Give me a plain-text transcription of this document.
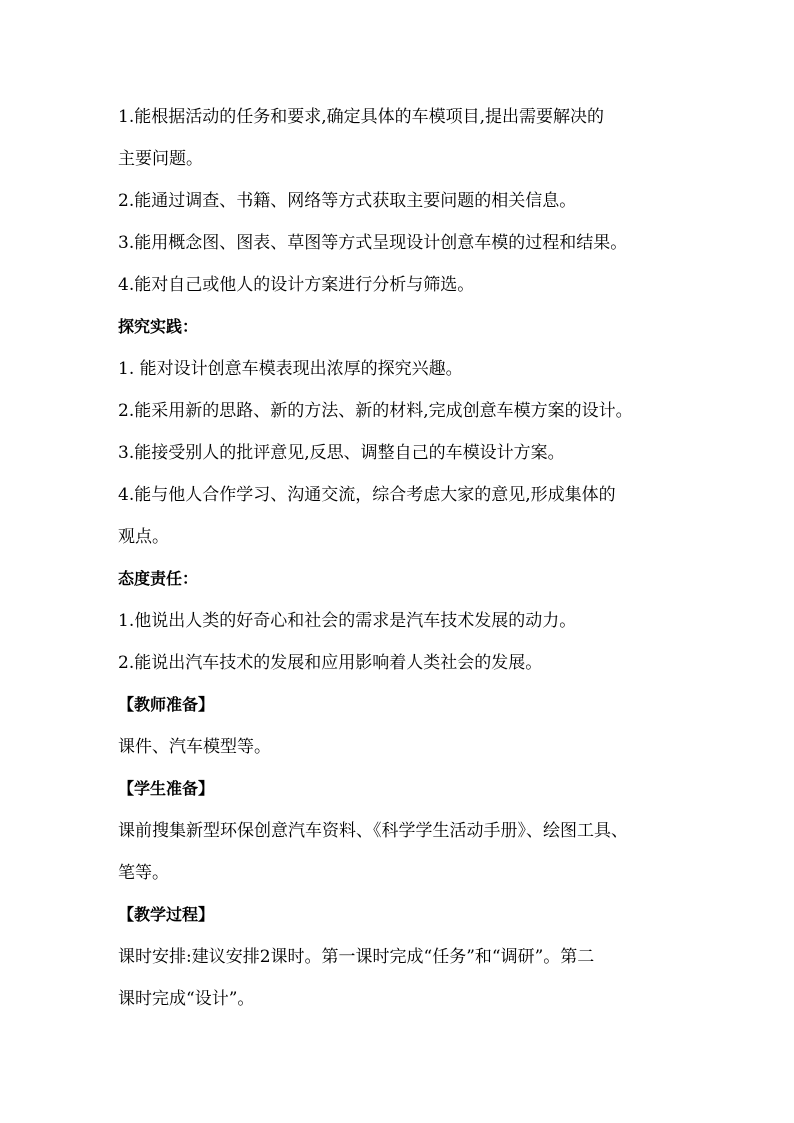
1.能根据活动的任务和要求,确定具体的车模项目,提出需要解决的

主要问题。

2.能通过调查、书籍、网络等方式获取主要问题的相关信息。

3.能用概念图、图表、草图等方式呈现设计创意车模的过程和结果。

4.能对自己或他人的设计方案进行分析与筛选。

探究实践：

1. 能对设计创意车模表现出浓厚的探究兴趣。

2.能采用新的思路、新的方法、新的材料,完成创意车模方案的设计。

3.能接受别人的批评意见,反思、调整自己的车模设计方案。

4.能与他人合作学习、沟通交流，综合考虑大家的意见,形成集体的

观点。

态度责任：

1.他说出人类的好奇心和社会的需求是汽车技术发展的动力。

2.能说出汽车技术的发展和应用影响着人类社会的发展。

【教师准备】

课件、汽车模型等。

【学生准备】

课前搜集新型环保创意汽车资料、《科学学生活动手册》、绘图工具、

笔等。

【教学过程】

课时安排:建议安排2课时。第一课时完成“任务”和“调研”。第二

课时完成“设计”。
